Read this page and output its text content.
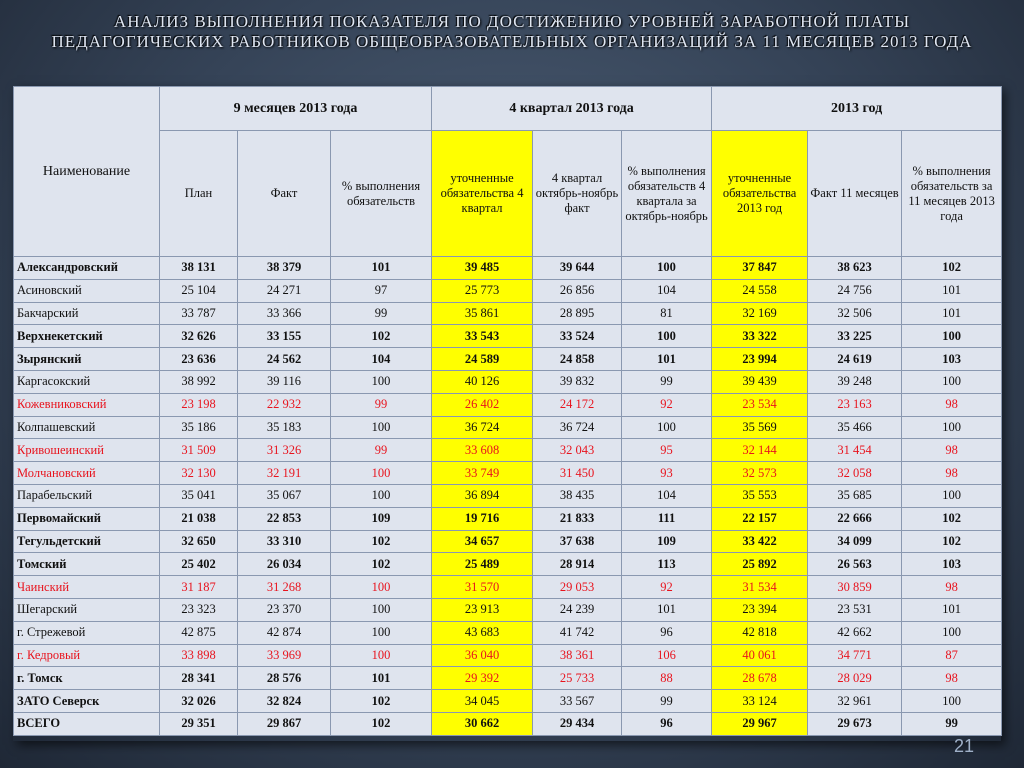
АНАЛИЗ ВЫПОЛНЕНИЯ ПОКАЗАТЕЛЯ ПО ДОСТИЖЕНИЮ УРОВНЕЙ ЗАРАБОТНОЙ ПЛАТЫ
ПЕДАГОГИЧЕСКИХ РАБОТНИКОВ ОБЩЕОБРАЗОВАТЕЛЬНЫХ ОРГАНИЗАЦИЙ ЗА 11 МЕСЯЦЕВ 2013 ГОДА
Наименование	9 месяцев 2013 года			4 квартал 2013 года			2013 год		
	План	Факт	% выполнения обязательств	уточненные обязательства 4 квартал	4 квартал октябрь-ноябрь факт	% выполнения обязательств 4 квартала за октябрь-ноябрь	уточненные обязательства 2013 год	Факт 11 месяцев	% выполнения обязательств за 11 месяцев 2013 года
Александровский	38 131	38 379	101	39 485	39 644	100	37 847	38 623	102
Асиновский	25 104	24 271	97	25 773	26 856	104	24 558	24 756	101
Бакчарский	33 787	33 366	99	35 861	28 895	81	32 169	32 506	101
Верхнекетский	32 626	33 155	102	33 543	33 524	100	33 322	33 225	100
Зырянский	23 636	24 562	104	24 589	24 858	101	23 994	24 619	103
Каргасокский	38 992	39 116	100	40 126	39 832	99	39 439	39 248	100
Кожевниковский	23 198	22 932	99	26 402	24 172	92	23 534	23 163	98
Колпашевский	35 186	35 183	100	36 724	36 724	100	35 569	35 466	100
Кривошеинский	31 509	31 326	99	33 608	32 043	95	32 144	31 454	98
Молчановский	32 130	32 191	100	33 749	31 450	93	32 573	32 058	98
Парабельский	35 041	35 067	100	36 894	38 435	104	35 553	35 685	100
Первомайский	21 038	22 853	109	19 716	21 833	111	22 157	22 666	102
Тегульдетский	32 650	33 310	102	34 657	37 638	109	33 422	34 099	102
Томский	25 402	26 034	102	25 489	28 914	113	25 892	26 563	103
Чаинский	31 187	31 268	100	31 570	29 053	92	31 534	30 859	98
Шегарский	23 323	23 370	100	23 913	24 239	101	23 394	23 531	101
г. Стрежевой	42 875	42 874	100	43 683	41 742	96	42 818	42 662	100
г. Кедровый	33 898	33 969	100	36 040	38 361	106	40 061	34 771	87
г. Томск	28 341	28 576	101	29 392	25 733	88	28 678	28 029	98
ЗАТО Северск	32 026	32 824	102	34 045	33 567	99	33 124	32 961	100
ВСЕГО	29 351	29 867	102	30 662	29 434	96	29 967	29 673	99
21
